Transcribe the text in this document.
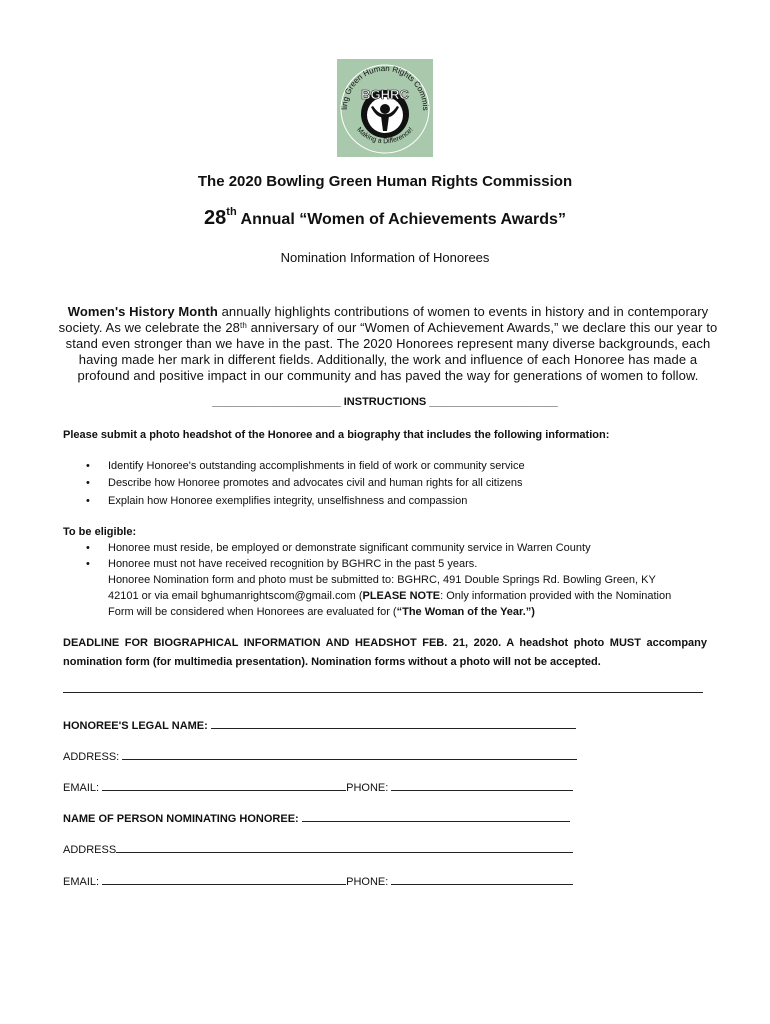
ling Green Human Rights Commis
Making a Difference!
BGHRC
The 2020 Bowling Green Human Rights Commission
28th Annual “Women of Achievements Awards”
Nomination Information of Honorees
Women's History Month annually highlights contributions of women to events in history and in contemporary society. As we celebrate the 28th anniversary of our “Women of Achievement Awards,” we declare this our year to stand even stronger than we have in the past. The 2020 Honorees represent many diverse backgrounds, each having made her mark in different fields. Additionally, the work and influence of each Honoree has made a profound and positive impact in our community and has paved the way for generations of women to follow.
_____________________ INSTRUCTIONS _____________________
Please submit a photo headshot of the Honoree and a biography that includes the following information:
• Identify Honoree's outstanding accomplishments in field of work or community service
• Describe how Honoree promotes and advocates civil and human rights for all citizens
• Explain how Honoree exemplifies integrity, unselfishness and compassion
To be eligible:
• Honoree must reside, be employed or demonstrate significant community service in Warren County
• Honoree must not have received recognition by BGHRC in the past 5 years.
Honoree Nomination form and photo must be submitted to: BGHRC, 491 Double Springs Rd. Bowling Green, KY
42101 or via email bghumanrightscom@gmail.com (PLEASE NOTE: Only information provided with the Nomination
Form will be considered when Honorees are evaluated for (“The Woman of the Year.”)
DEADLINE FOR BIOGRAPHICAL INFORMATION AND HEADSHOT FEB. 21, 2020. A headshot photo MUST accompany
nomination form (for multimedia presentation). Nomination forms without a photo will not be accepted.
HONOREE'S LEGAL NAME:
ADDRESS:
EMAIL:	PHONE:
NAME OF PERSON NOMINATING HONOREE:
ADDRESS
EMAIL:	PHONE:
